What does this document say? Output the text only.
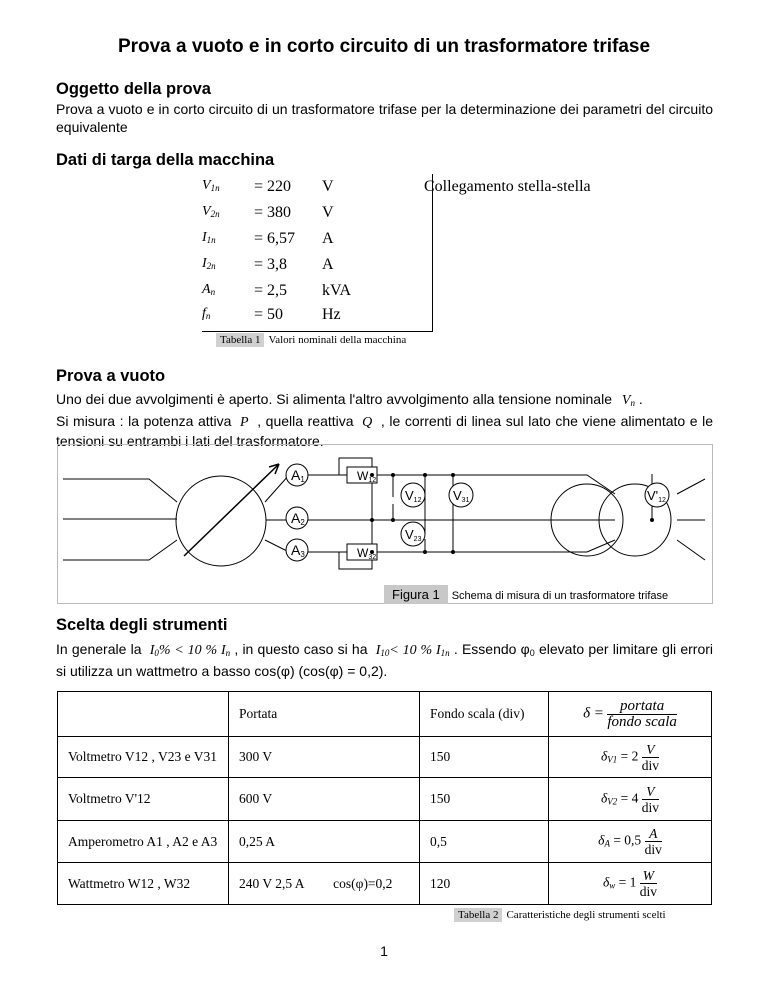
Prova a vuoto e in corto circuito di un trasformatore trifase
Oggetto della prova
Prova a vuoto e in corto circuito di un trasformatore trifase per la determinazione dei parametri del circuito equivalente
Dati di targa della macchina
$V_{1n}$	= 220	V
$V_{2n}$	= 380	V
$I_{1n}$	= 6,57	A
$I_{2n}$	= 3,8	A
$A_n$	= 2,5	kVA
$f_n$	= 50	Hz
Collegamento stella-stella
Tabella 1 Valori nominali della macchina
Prova a vuoto
Uno dei due avvolgimenti è aperto. Si alimenta l'altro avvolgimento alla tensione nominale $V_n$ .
Si misura : la potenza attiva P , quella reattiva Q , le correnti di linea sul lato che viene alimentato e le tensioni su entrambi i lati del trasformatore.
A1
A2
A3
W12
W32
V12 V31
V23
V'12
Figura 1 Schema di misura di un trasformatore trifase
Scelta degli strumenti
In generale la $I_0\% < 10$ % $I_n$ , in questo caso si ha $I_{10}< 10$ % $I_{1n}$ . Essendo $\varphi_0$ elevato per limitare gli errori si utilizza un wattmetro a basso cos(φ) (cos(φ) = 0,2).
	Portata	Fondo scala (div)	$\delta = \frac{\text{portata}}{\text{fondo scala}}$

Voltmetro V12 , V23 e V31	300 V	150	$\delta_{V1} = 2 \frac{V}{\text{div}}$

Voltmetro V'12	600 V	150	$\delta_{V2} = 4 \frac{V}{\text{div}}$

Amperometro A1 , A2 e A3	0,25 A	0,5	$\delta_A = 0,5 \frac{A}{\text{div}}$

Wattmetro W12 , W32	240 V 2,5 A cos(φ)=0,2	120	$\delta_w = 1 \frac{W}{\text{div}}$
Tabella 2 Caratteristiche degli strumenti scelti
1
